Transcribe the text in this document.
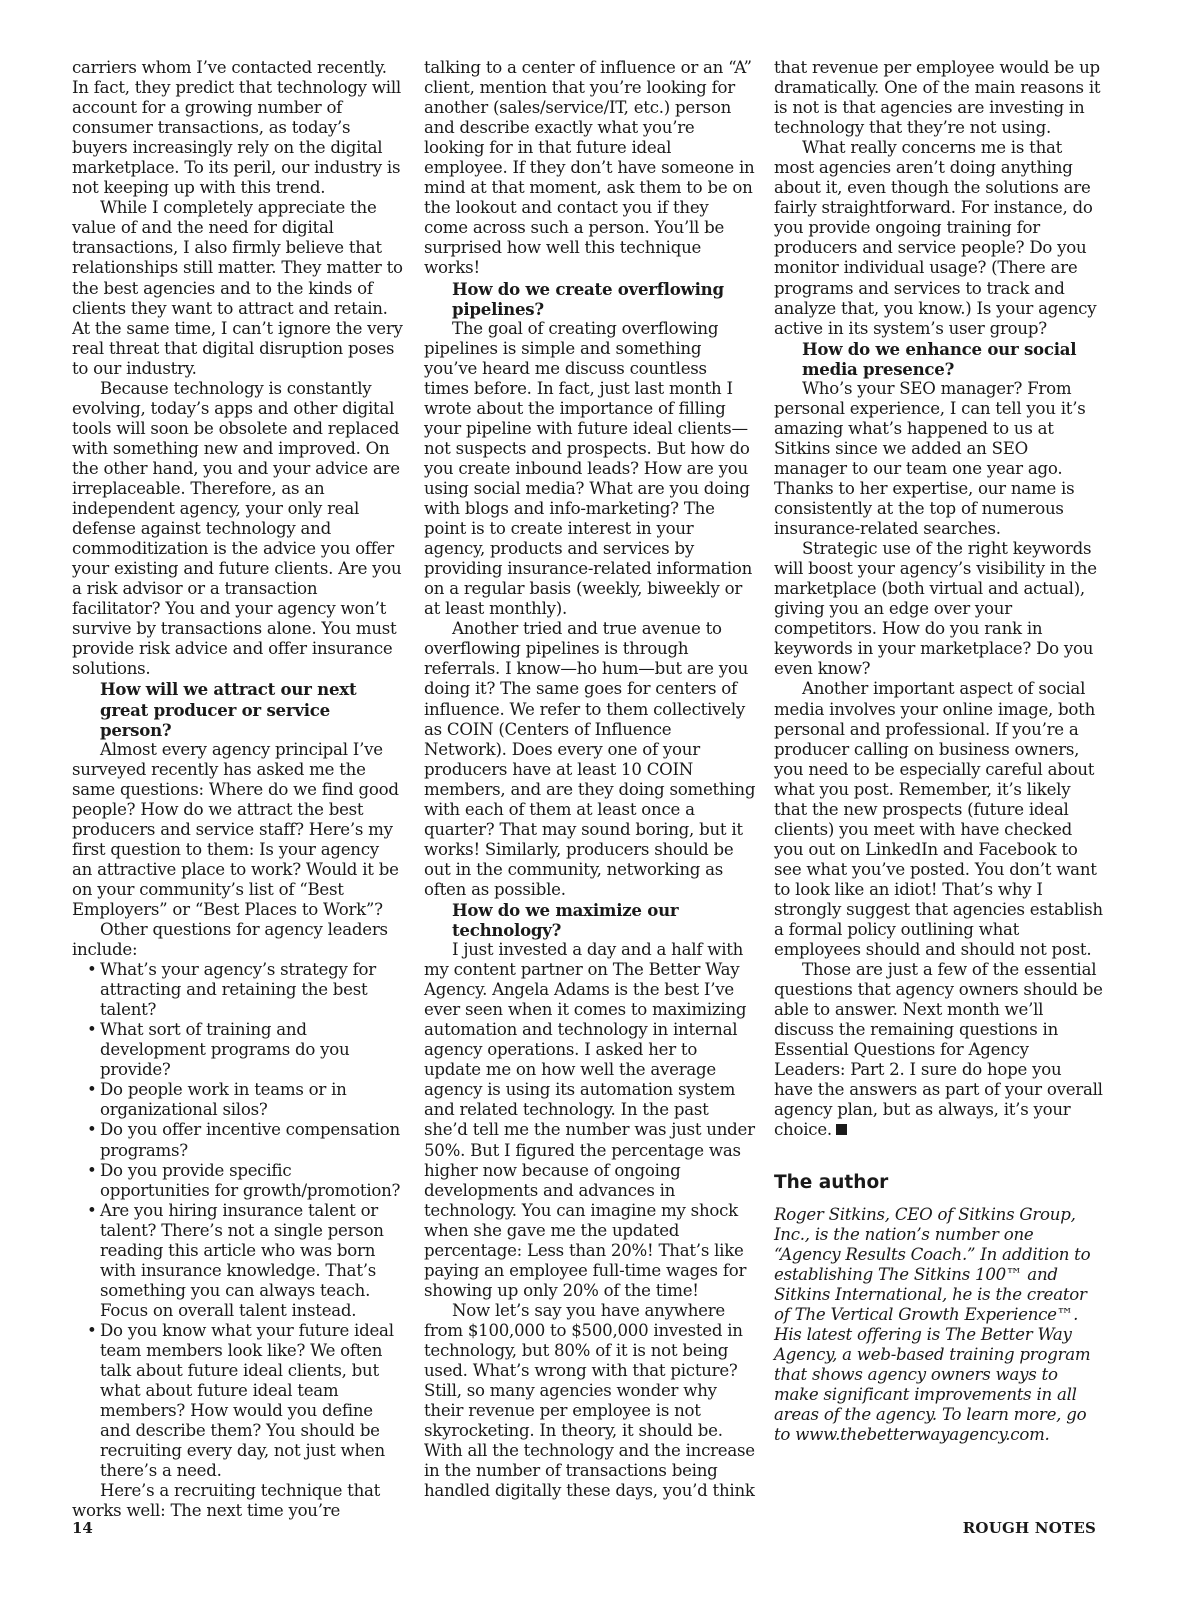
carriers whom I’ve contacted recently. In fact, they predict that technology will account for a growing number of consumer transactions, as today’s buyers increasingly rely on the digital marketplace. To its peril, our industry is not keeping up with this trend.

While I completely appreciate the value of and the need for digital transactions, I also firmly believe that relationships still matter. They matter to the best agencies and to the kinds of clients they want to attract and retain. At the same time, I can’t ignore the very real threat that digital disruption poses to our industry.

Because technology is constantly evolving, today’s apps and other digital tools will soon be obsolete and replaced with something new and improved. On the other hand, you and your advice are irreplaceable. Therefore, as an independent agency, your only real defense against technology and commoditization is the advice you offer your existing and future clients. Are you a risk advisor or a transaction facilitator? You and your agency won’t survive by transactions alone. You must provide risk advice and offer insurance solutions.

How will we attract our next great producer or service person?

Almost every agency principal I’ve surveyed recently has asked me the same questions: Where do we find good people? How do we attract the best producers and service staff? Here’s my first question to them: Is your agency an attractive place to work? Would it be on your community’s list of “Best Employers” or “Best Places to Work”?

Other questions for agency leaders include:

• What’s your agency’s strategy for attracting and retaining the best talent?
• What sort of training and development programs do you provide?
• Do people work in teams or in organizational silos?
• Do you offer incentive compensation programs?
• Do you provide specific opportunities for growth/promotion?
• Are you hiring insurance talent or talent? There’s not a single person reading this article who was born with insurance knowledge. That’s something you can always teach. Focus on overall talent instead.
• Do you know what your future ideal team members look like? We often talk about future ideal clients, but what about future ideal team members? How would you define and describe them? You should be recruiting every day, not just when there’s a need.

Here’s a recruiting technique that works well: The next time you’re

talking to a center of influence or an “A” client, mention that you’re looking for another (sales/service/IT, etc.) person and describe exactly what you’re looking for in that future ideal employee. If they don’t have someone in mind at that moment, ask them to be on the lookout and contact you if they come across such a person. You’ll be surprised how well this technique works!

How do we create overflowing pipelines?

The goal of creating overflowing pipelines is simple and something you’ve heard me discuss countless times before. In fact, just last month I wrote about the importance of filling your pipeline with future ideal clients—not suspects and prospects. But how do you create inbound leads? How are you using social media? What are you doing with blogs and info-marketing? The point is to create interest in your agency, products and services by providing insurance-related information on a regular basis (weekly, biweekly or at least monthly).

Another tried and true avenue to overflowing pipelines is through referrals. I know—ho hum—but are you doing it? The same goes for centers of influence. We refer to them collectively as COIN (Centers of Influence Network). Does every one of your producers have at least 10 COIN members, and are they doing something with each of them at least once a quarter? That may sound boring, but it works! Similarly, producers should be out in the community, networking as often as possible.

How do we maximize our technology?

I just invested a day and a half with my content partner on The Better Way Agency. Angela Adams is the best I’ve ever seen when it comes to maximizing automation and technology in internal agency operations. I asked her to update me on how well the average agency is using its automation system and related technology. In the past she’d tell me the number was just under 50%. But I figured the percentage was higher now because of ongoing developments and advances in technology. You can imagine my shock when she gave me the updated percentage: Less than 20%! That’s like paying an employee full-time wages for showing up only 20% of the time!

Now let’s say you have anywhere from $100,000 to $500,000 invested in technology, but 80% of it is not being used. What’s wrong with that picture? Still, so many agencies wonder why their revenue per employee is not skyrocketing. In theory, it should be. With all the technology and the increase in the number of transactions being handled digitally these days, you’d think

that revenue per employee would be up dramatically. One of the main reasons it is not is that agencies are investing in technology that they’re not using.

What really concerns me is that most agencies aren’t doing anything about it, even though the solutions are fairly straightforward. For instance, do you provide ongoing training for producers and service people? Do you monitor individual usage? (There are programs and services to track and analyze that, you know.) Is your agency active in its system’s user group?

How do we enhance our social media presence?

Who’s your SEO manager? From personal experience, I can tell you it’s amazing what’s happened to us at Sitkins since we added an SEO manager to our team one year ago. Thanks to her expertise, our name is consistently at the top of numerous insurance-related searches.

Strategic use of the right keywords will boost your agency’s visibility in the marketplace (both virtual and actual), giving you an edge over your competitors. How do you rank in keywords in your marketplace? Do you even know?

Another important aspect of social media involves your online image, both personal and professional. If you’re a producer calling on business owners, you need to be especially careful about what you post. Remember, it’s likely that the new prospects (future ideal clients) you meet with have checked you out on LinkedIn and Facebook to see what you’ve posted. You don’t want to look like an idiot! That’s why I strongly suggest that agencies establish a formal policy outlining what employees should and should not post.

Those are just a few of the essential questions that agency owners should be able to answer. Next month we’ll discuss the remaining questions in Essential Questions for Agency Leaders: Part 2. I sure do hope you have the answers as part of your overall agency plan, but as always, it’s your choice.

The author

Roger Sitkins, CEO of Sitkins Group, Inc., is the nation’s number one “Agency Results Coach.” In addition to establishing The Sitkins 100™ and Sitkins International, he is the creator of The Vertical Growth Experience™. His latest offering is The Better Way Agency, a web-based training program that shows agency owners ways to make significant improvements in all areas of the agency. To learn more, go to www.thebetterwayagency.com.

14	ROUGH NOTES
